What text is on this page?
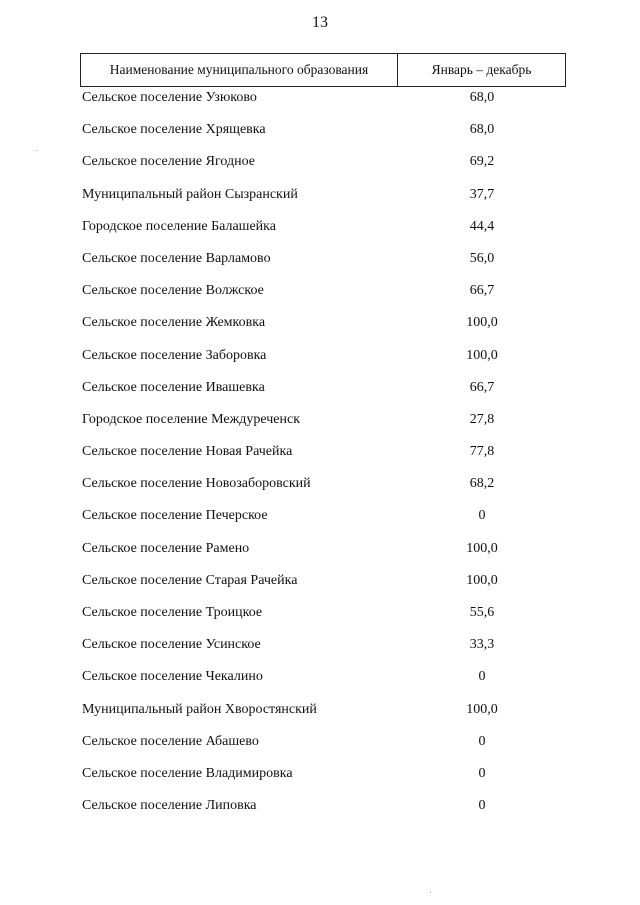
13
Наименование муниципального образования	Январь – декабрь
Сельское поселение Узюково	68,0
Сельское поселение Хрящевка	68,0
Сельское поселение Ягодное	69,2
Муниципальный район Сызранский	37,7
Городское поселение Балашейка	44,4
Сельское поселение Варламово	56,0
Сельское поселение Волжское	66,7
Сельское поселение Жемковка	100,0
Сельское поселение Заборовка	100,0
Сельское поселение Ивашевка	66,7
Городское поселение Междуреченск	27,8
Сельское поселение Новая Рачейка	77,8
Сельское поселение Новозаборовский	68,2
Сельское поселение Печерское	0
Сельское поселение Рамено	100,0
Сельское поселение Старая Рачейка	100,0
Сельское поселение Троицкое	55,6
Сельское поселение Усинское	33,3
Сельское поселение Чекалино	0
Муниципальный район Хворостянский	100,0
Сельское поселение Абашево	0
Сельское поселение Владимировка	0
Сельское поселение Липовка	0
